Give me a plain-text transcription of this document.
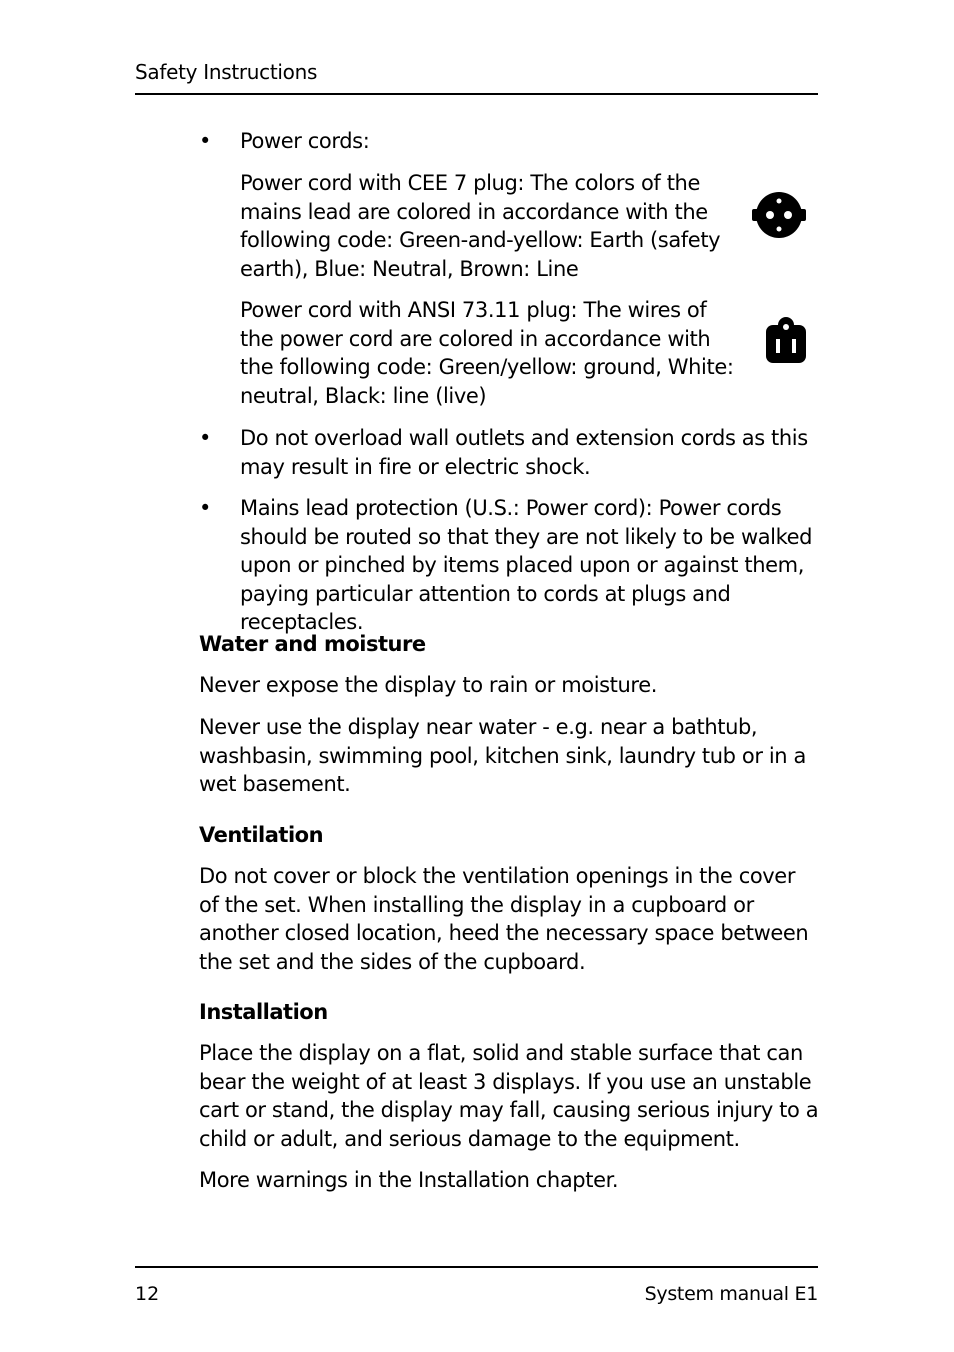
Safety Instructions
• Power cords:
Power cord with CEE 7 plug: The colors of the mains lead are colored in accordance with the following code: Green-and-yellow: Earth (safety earth), Blue: Neutral, Brown: Line
Power cord with ANSI 73.11 plug: The wires of the power cord are colored in accordance with the following code: Green/yellow: ground, White: neutral, Black: line (live)
• Do not overload wall outlets and extension cords as this may result in fire or electric shock.
• Mains lead protection (U.S.: Power cord): Power cords should be routed so that they are not likely to be walked upon or pinched by items placed upon or against them, paying particular attention to cords at plugs and receptacles.
Water and moisture
Never expose the display to rain or moisture.
Never use the display near water - e.g. near a bathtub, washbasin, swimming pool, kitchen sink, laundry tub or in a wet basement.
Ventilation
Do not cover or block the ventilation openings in the cover of the set. When installing the display in a cupboard or another closed location, heed the necessary space between the set and the sides of the cupboard.
Installation
Place the display on a flat, solid and stable surface that can bear the weight of at least 3 displays. If you use an unstable cart or stand, the display may fall, causing serious injury to a child or adult, and serious damage to the equipment.
More warnings in the Installation chapter.
12	System manual E1
